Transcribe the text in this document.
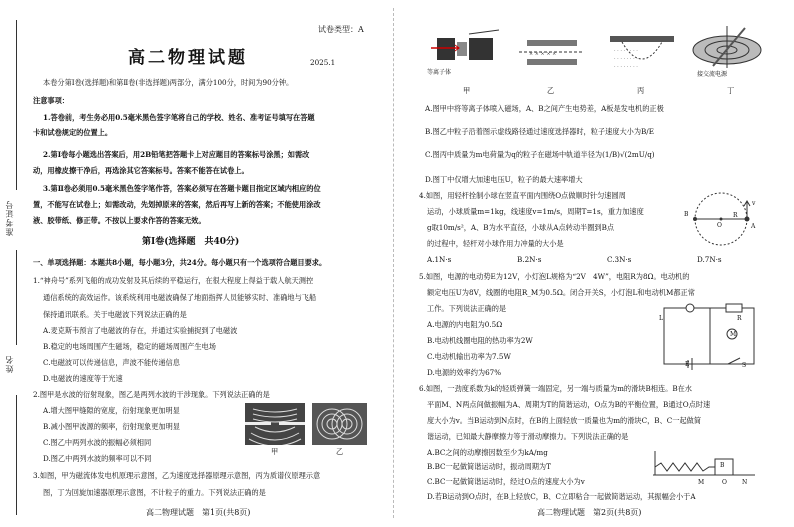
准考证号
姓名
试卷类型：A
高二物理试题	2025.1
本卷分第Ⅰ卷(选择题)和第Ⅱ卷(非选择题)两部分，满分100分，时间为90分钟。
注意事项：
1.答卷前，考生务必用0.5毫米黑色签字笔将自己的学校、姓名、准考证号填写在答题
卡和试卷规定的位置上。
2.第Ⅰ卷每小题选出答案后，用2B铅笔把答题卡上对应题目的答案标号涂黑；如需改
动，用橡皮擦干净后，再选涂其它答案标号。答案不能答在试卷上。
3.第Ⅱ卷必须用0.5毫米黑色签字笔作答，答案必须写在答题卡题目指定区域内相应的位
置，不能写在试卷上；如需改动，先划掉原来的答案，然后再写上新的答案；不能使用涂改
液、胶带纸、修正带。不按以上要求作答的答案无效。
第Ⅰ卷(选择题　共40分)
一、单项选择题：本题共8小题，每小题3分，共24分。每小题只有一个选项符合题目要求。
1.“神舟号”系列飞船的成功发射及其后续的平稳运行，在很大程度上得益于载人航天测控
通信系统的高效运作。该系统利用电磁波确保了地面指挥人员能够实时、准确地与飞船
保持通讯联系。关于电磁波下列说法正确的是
A.麦克斯韦预言了电磁波的存在，并通过实验捕捉到了电磁波
B.稳定的电场周围产生磁场，稳定的磁场周围产生电场
C.电磁波可以传递信息，声波不能传递信息
D.电磁波的速度等于光速
2.图甲是水波的衍射现象，图乙是两列水波的干涉现象。下列说法正确的是
A.增大图甲缝隙的宽度，衍射现象更加明显
B.减小图甲波源的频率，衍射现象更加明显
C.图乙中两列水波的振幅必须相同
D.图乙中两列水波的频率可以不同
甲	乙
3.如图，甲为磁流体发电机原理示意图，乙为速度选择器原理示意图，丙为质谱仪原理示意
图，丁为回旋加速器原理示意图，不计粒子的重力。下列说法正确的是
高二物理试题　第1页(共8页)
等离子体
× × × × ×	· · · · · · · ·
· · · · · · · ·
· · · · · · · ·
接交流电源
甲	乙	丙	丁
A.图甲中将等离子体喷入磁场，A、B之间产生电势差，A板是发电机的正极
B.图乙中粒子沿着图示虚线路径通过速度选择器时，粒子速度大小为B/E
C.图丙中质量为m电荷量为q的粒子在磁场中轨道半径为(1/B)√(2mU/q)
D.图丁中仅增大加速电压U，粒子的最大速率增大
4.如图，用轻杆拴制小球在竖直平面内围绕O点做顺时针匀速圆周
运动，小球质量m=1kg，线速度v=1m/s，周期T=1s，重力加速度
g取10m/s²，A、B为水平直径，小球从A点转动半圈到B点
的过程中，轻杆对小球作用力冲量的大小是
B
O
R
A
v
A.1N·s	B.2N·s	C.3N·s	D.7N·s
5.如图，电源的电动势E为12V，小灯泡L规格为“2V　4W”，电阻R为8Ω。电动机的
额定电压U为8V，线圈的电阻R_M为0.5Ω。闭合开关S，小灯泡L和电动机M都正常
工作。下列说法正确的是
A.电源的内电阻为0.5Ω
B.电动机线圈电阻的热功率为2W
C.电动机输出功率为7.5W
D.电源的效率约为67%
L	R
M
E	S
6.如图，一劲度系数为k的轻质弹簧一端固定，另一端与质量为m的滑块B相连。B在水
平面M、N两点间做振幅为A、周期为T的简谐运动，O点为B的平衡位置，B通过O点时速
度大小为v。当B运动到N点时，在B的上面轻放一质量也为m的滑块C，B、C一起做简
谐运动，已知最大静摩擦力等于滑动摩擦力。下列说法正确的是
A.BC之间的动摩擦因数至少为kA/mg
B.BC一起做简谐运动时，振动周期为T
C.BC一起做简谐运动时，经过O点的速度大小为v
D.若B运动到O点时，在B上轻放C，B、C立即粘合一起做简谐运动，其振幅会小于A
M	O	N
B
高二物理试题　第2页(共8页)
